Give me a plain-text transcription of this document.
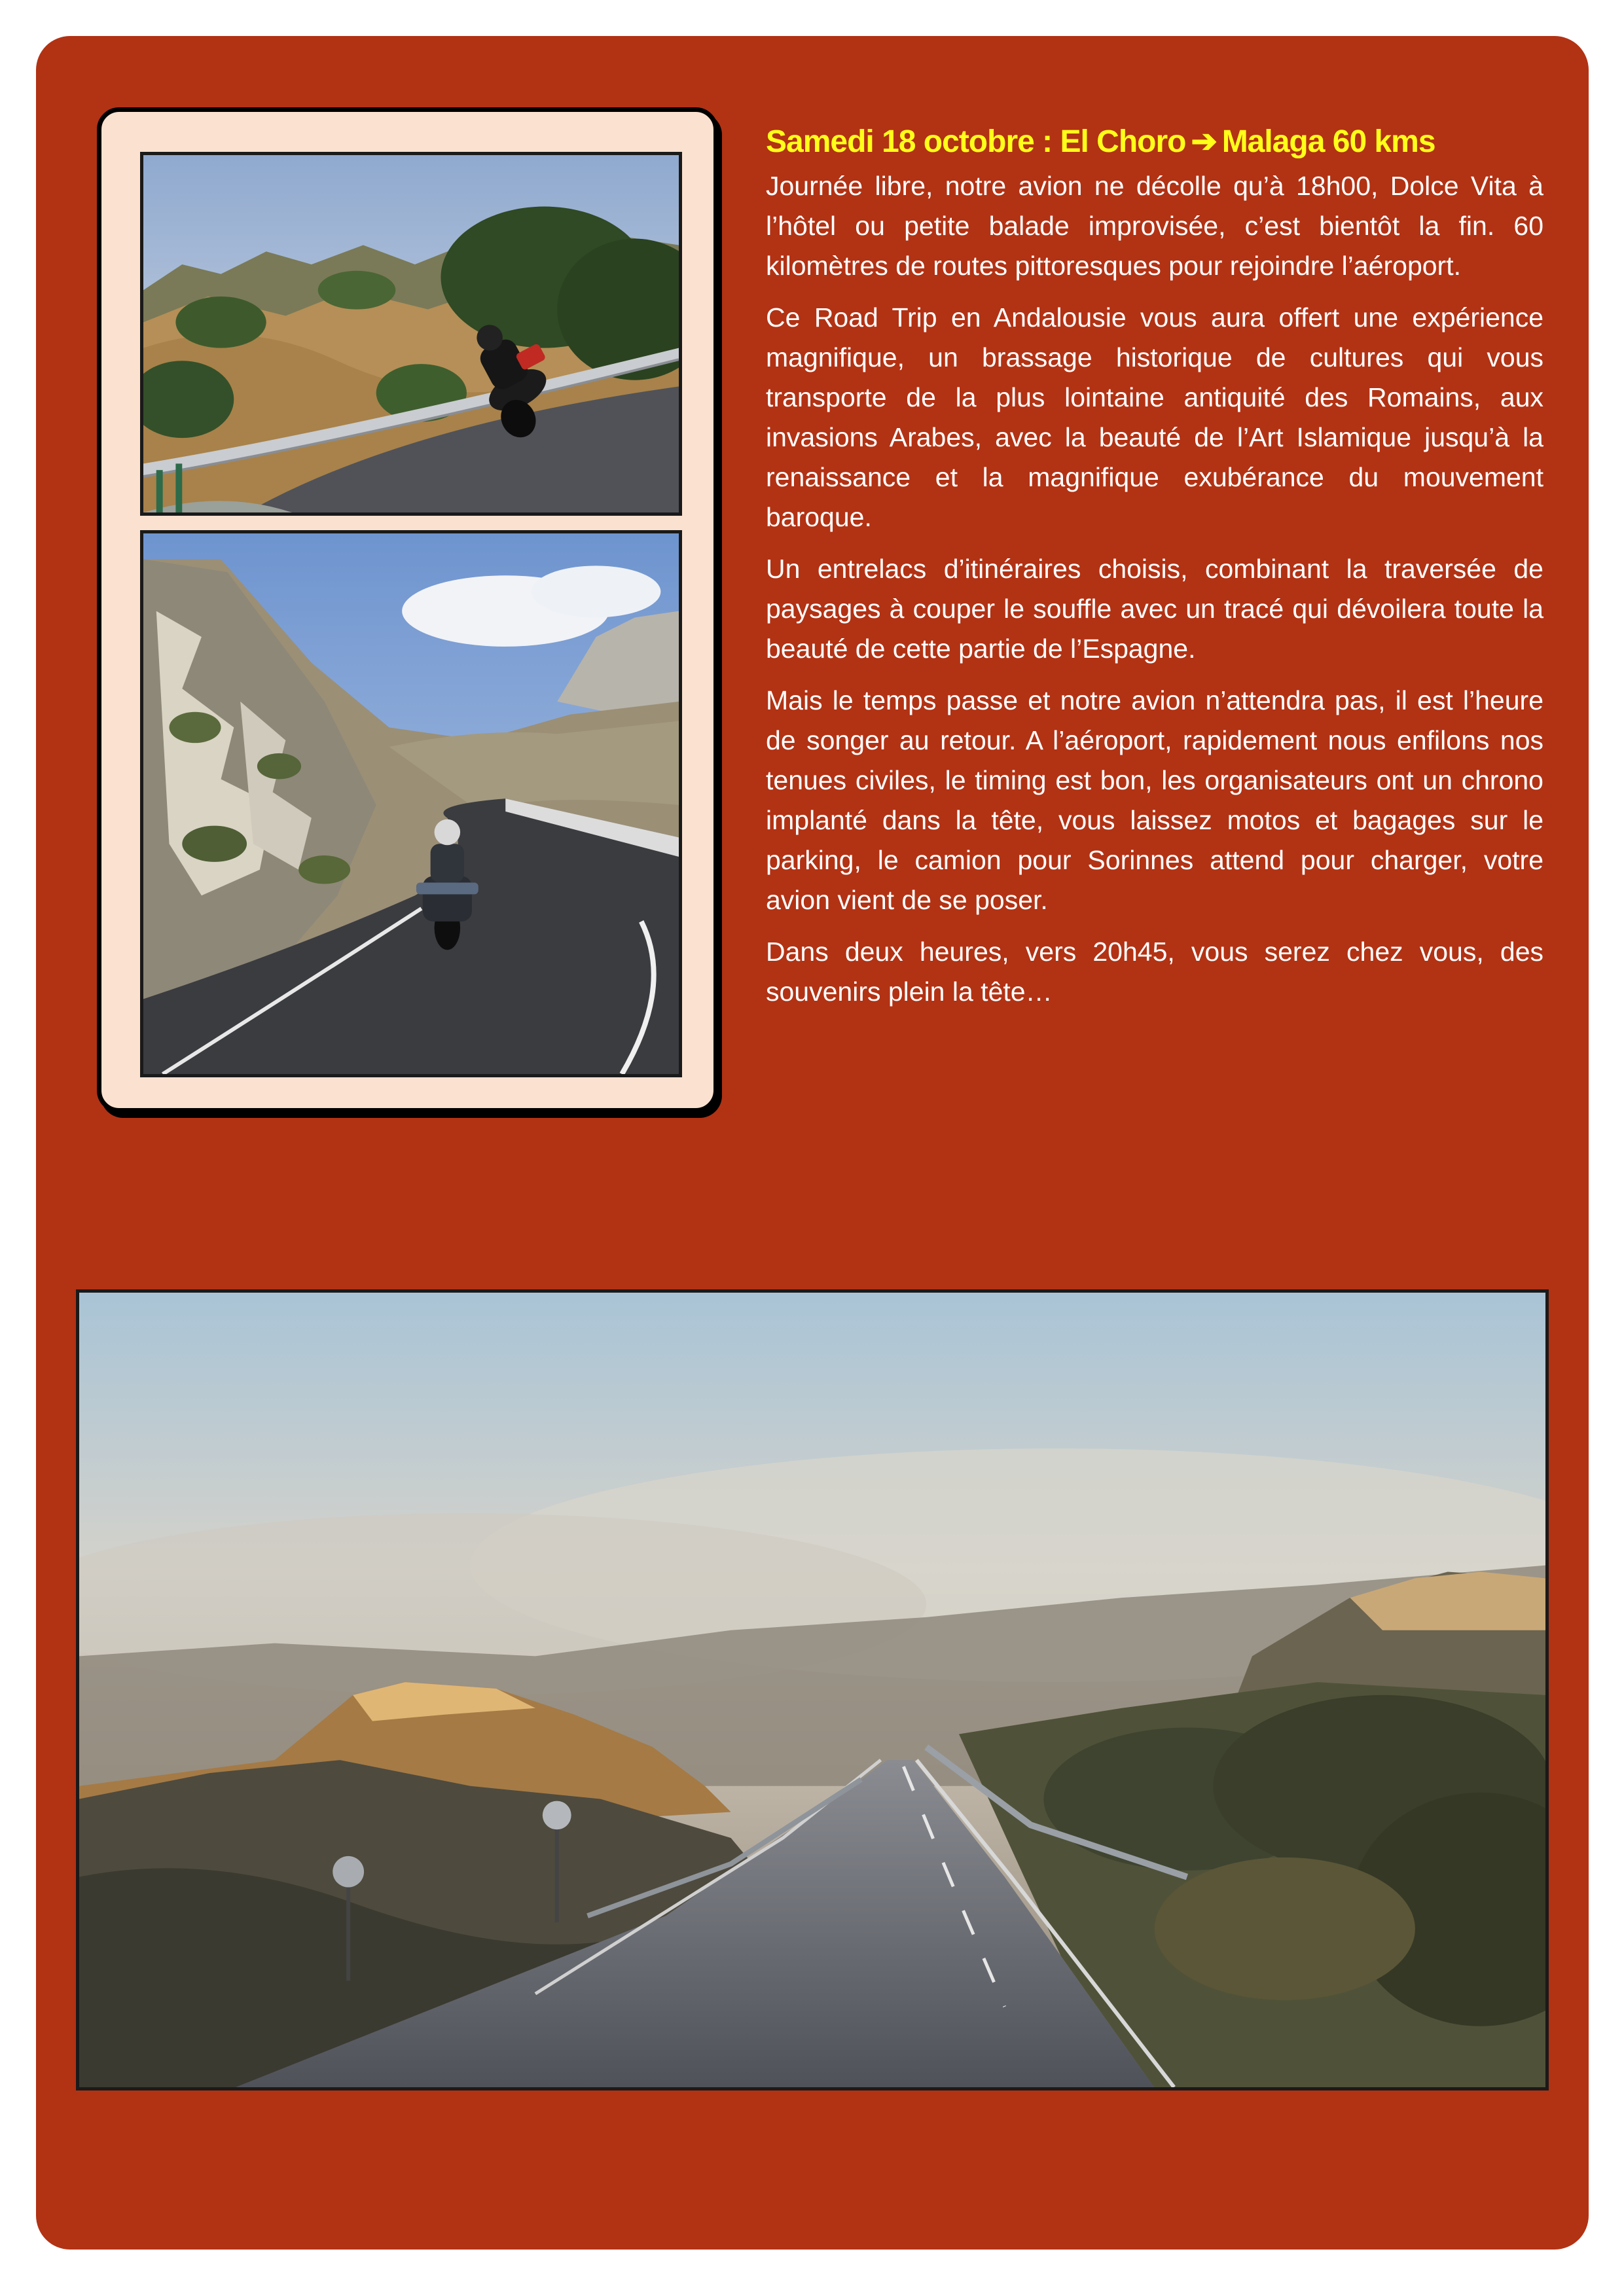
Samedi 18 octobre : El Choro ➔ Malaga 60 kms

Journée libre, notre avion ne décolle qu’à 18h00, Dolce Vita à l’hôtel ou petite balade improvisée, c’est bientôt la fin. 60 kilomètres de routes pittoresques pour rejoindre l’aéroport.

Ce Road Trip en Andalousie vous aura offert une expérience magnifique, un brassage historique de cultures qui vous transporte de la plus lointaine antiquité des Romains, aux invasions Arabes, avec la beauté de l’Art Islamique jusqu’à la renaissance et la magnifique exubérance du mouvement baroque.

Un entrelacs d’itinéraires choisis, combinant la traversée de paysages à couper le souffle avec un tracé qui dévoilera toute la beauté de cette partie de l’Espagne.

Mais le temps passe et notre avion n’attendra pas, il est l’heure de songer au retour. A l’aéroport, rapidement nous enfilons nos tenues civiles, le timing est bon, les organisateurs ont un chrono implanté dans la tête, vous laissez motos et bagages sur le parking, le camion pour Sorinnes attend pour charger, votre avion vient de se poser.

Dans deux heures, vers 20h45, vous serez chez vous, des souvenirs plein la tête…
